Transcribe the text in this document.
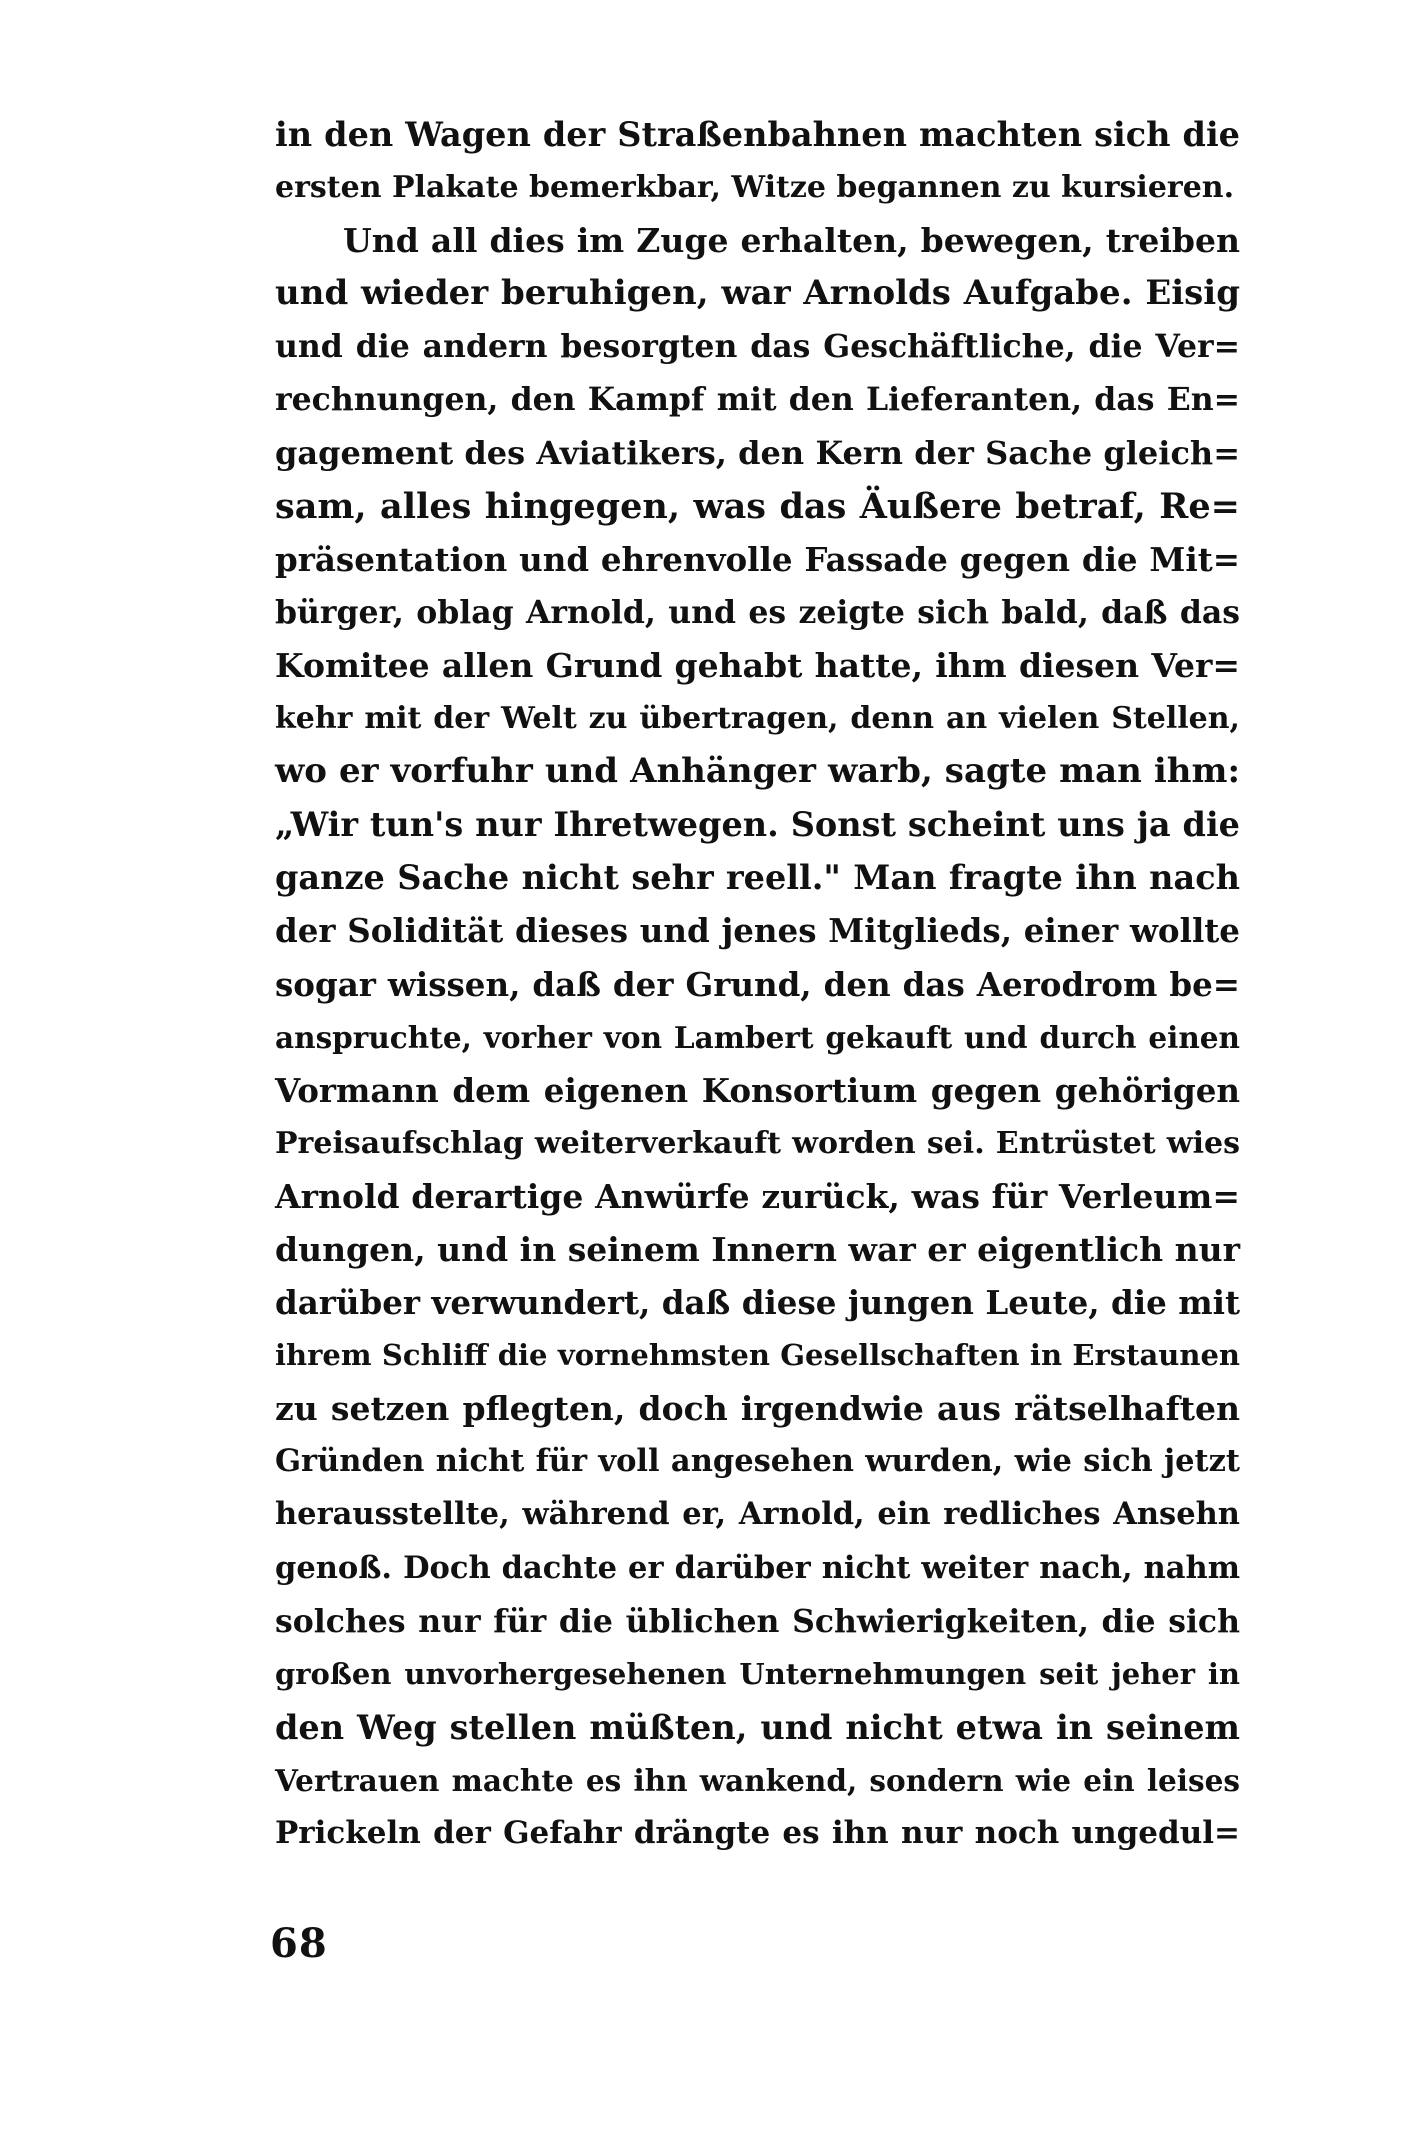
in den Wagen der Straßenbahnen machten sich die
ersten Plakate bemerkbar, Witze begannen zu kursieren.
Und all dies im Zuge erhalten, bewegen, treiben
und wieder beruhigen, war Arnolds Aufgabe. Eisig
und die andern besorgten das Geschäftliche, die Ver=
rechnungen, den Kampf mit den Lieferanten, das En=
gagement des Aviatikers, den Kern der Sache gleich=
sam, alles hingegen, was das Äußere betraf, Re=
präsentation und ehrenvolle Fassade gegen die Mit=
bürger, oblag Arnold, und es zeigte sich bald, daß das
Komitee allen Grund gehabt hatte, ihm diesen Ver=
kehr mit der Welt zu übertragen, denn an vielen Stellen,
wo er vorfuhr und Anhänger warb, sagte man ihm:
„Wir tun's nur Ihretwegen. Sonst scheint uns ja die
ganze Sache nicht sehr reell." Man fragte ihn nach
der Solidität dieses und jenes Mitglieds, einer wollte
sogar wissen, daß der Grund, den das Aerodrom be=
anspruchte, vorher von Lambert gekauft und durch einen
Vormann dem eigenen Konsortium gegen gehörigen
Preisaufschlag weiterverkauft worden sei. Entrüstet wies
Arnold derartige Anwürfe zurück, was für Verleum=
dungen, und in seinem Innern war er eigentlich nur
darüber verwundert, daß diese jungen Leute, die mit
ihrem Schliff die vornehmsten Gesellschaften in Erstaunen
zu setzen pflegten, doch irgendwie aus rätselhaften
Gründen nicht für voll angesehen wurden, wie sich jetzt
herausstellte, während er, Arnold, ein redliches Ansehn
genoß. Doch dachte er darüber nicht weiter nach, nahm
solches nur für die üblichen Schwierigkeiten, die sich
großen unvorhergesehenen Unternehmungen seit jeher in
den Weg stellen müßten, und nicht etwa in seinem
Vertrauen machte es ihn wankend, sondern wie ein leises
Prickeln der Gefahr drängte es ihn nur noch ungedul=
68
